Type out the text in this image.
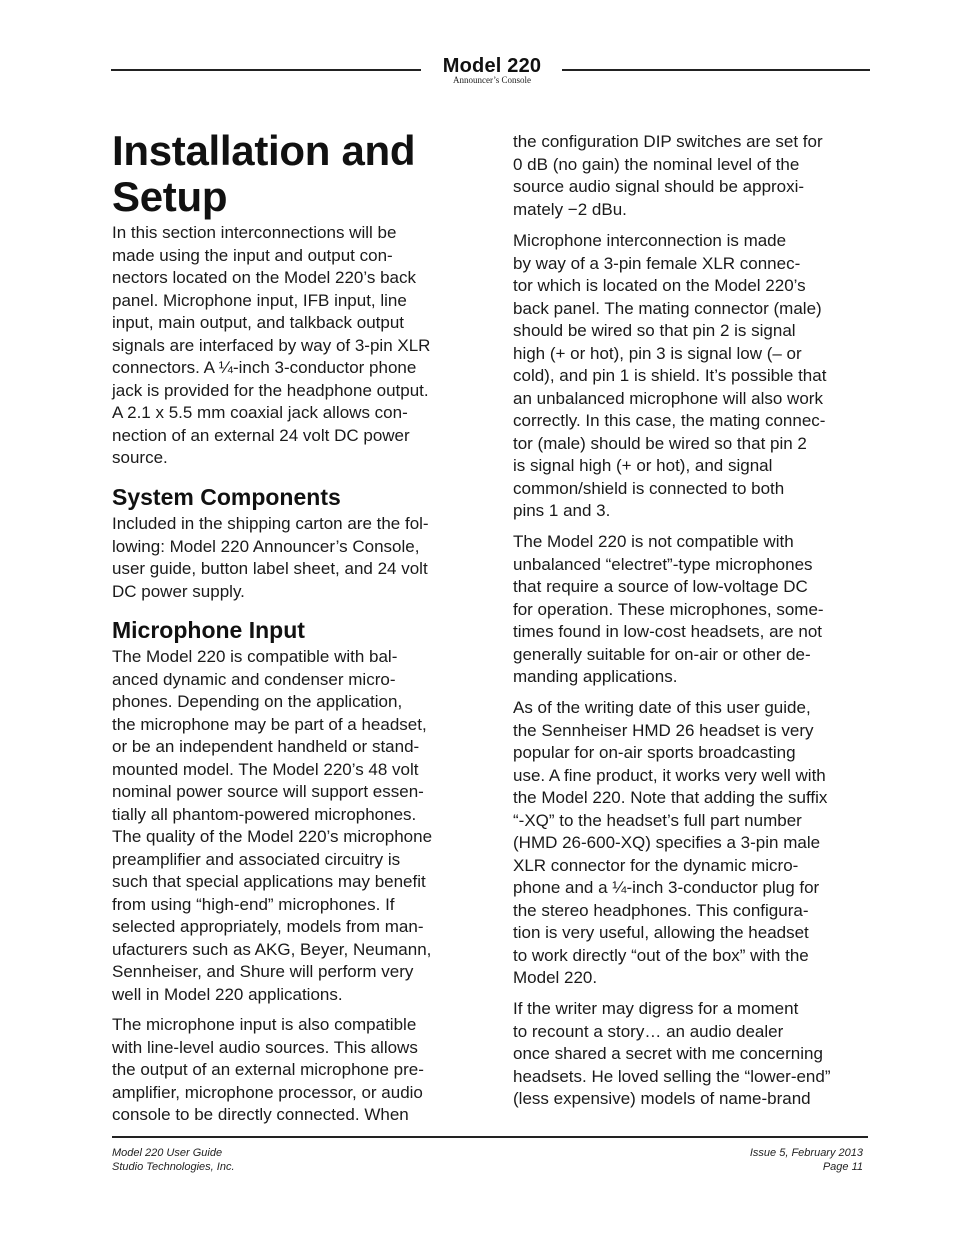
Model 220
Announcer’s Console
Installation and
Setup

In this section interconnections will be
made using the input and output con-
nectors located on the Model 220’s back
panel. Microphone input, IFB input, line
input, main output, and talkback output
signals are interfaced by way of 3-pin XLR
connectors. A ¼-inch 3-conductor phone
jack is provided for the headphone output.
A 2.1 x 5.5 mm coaxial jack allows con-
nection of an external 24 volt DC power
source.

System Components

Included in the shipping carton are the fol-
lowing: Model 220 Announcer’s Console,
user guide, button label sheet, and 24 volt
DC power supply.

Microphone Input

The Model 220 is compatible with bal-
anced dynamic and condenser micro-
phones. Depending on the application,
the microphone may be part of a headset,
or be an independent handheld or stand-
mounted model. The Model 220’s 48 volt
nominal power source will support essen-
tially all phantom-powered microphones.
The quality of the Model 220’s microphone
preamplifier and associated circuitry is
such that special applications may benefit
from using “high-end” microphones. If
selected appropriately, models from man-
ufacturers such as AKG, Beyer, Neumann,
Sennheiser, and Shure will perform very
well in Model 220 applications.

The microphone input is also compatible
with line-level audio sources. This allows
the output of an external microphone pre-
amplifier, microphone processor, or audio
console to be directly connected. When

the configuration DIP switches are set for
0 dB (no gain) the nominal level of the
source audio signal should be approxi-
mately −2 dBu.

Microphone interconnection is made
by way of a 3-pin female XLR connec-
tor which is located on the Model 220’s
back panel. The mating connector (male)
should be wired so that pin 2 is signal
high (+ or hot), pin 3 is signal low (– or
cold), and pin 1 is shield. It’s possible that
an unbalanced microphone will also work
correctly. In this case, the mating connec-
tor (male) should be wired so that pin 2
is signal high (+ or hot), and signal
common/shield is connected to both
pins 1 and 3.

The Model 220 is not compatible with
unbalanced “electret”-type microphones
that require a source of low-voltage DC
for operation. These microphones, some-
times found in low-cost headsets, are not
generally suitable for on-air or other de-
manding applications.

As of the writing date of this user guide,
the Sennheiser HMD 26 headset is very
popular for on-air sports broadcasting
use. A fine product, it works very well with
the Model 220. Note that adding the suffix
“-XQ” to the headset’s full part number
(HMD 26-600-XQ) specifies a 3-pin male
XLR connector for the dynamic micro-
phone and a ¼-inch 3-conductor plug for
the stereo headphones. This configura-
tion is very useful, allowing the headset
to work directly “out of the box” with the
Model 220.

If the writer may digress for a moment
to recount a story… an audio dealer
once shared a secret with me concerning
headsets. He loved selling the “lower-end”
(less expensive) models of name-brand

Model 220 User Guide
Studio Technologies, Inc.
Issue 5, February 2013
Page 11
